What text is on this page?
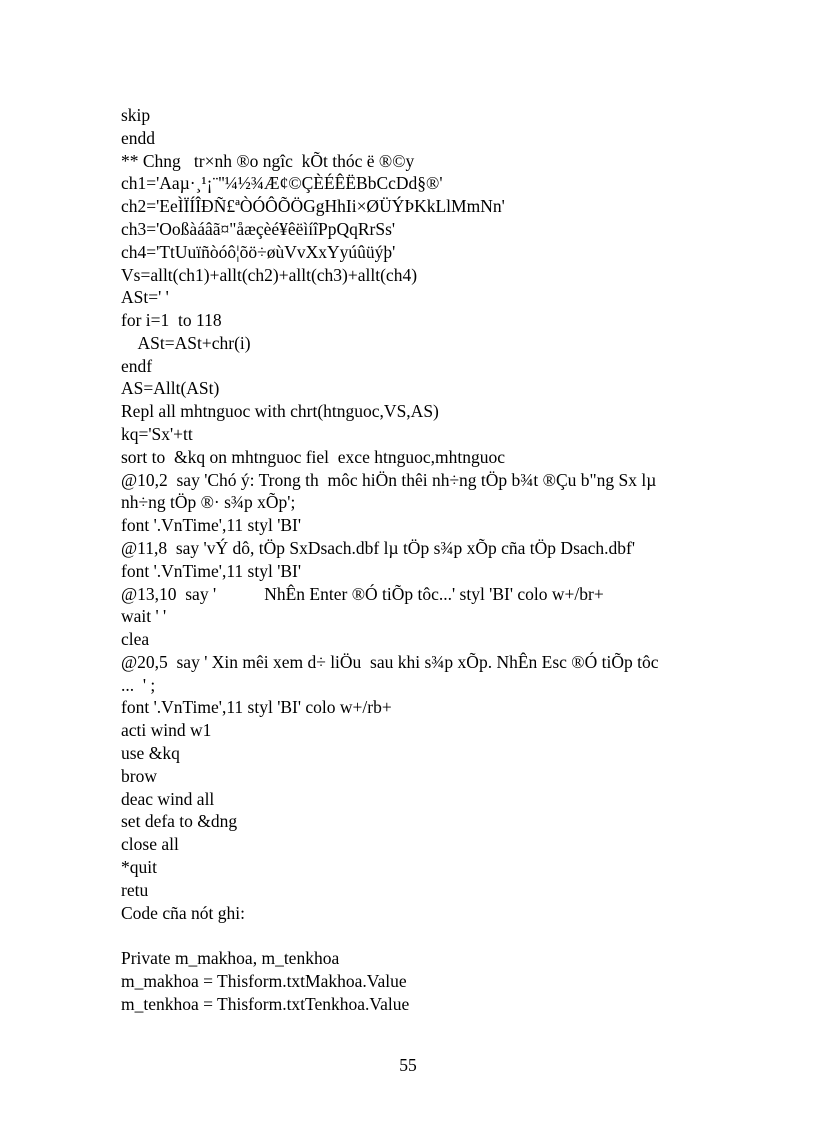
skip
endd
** Chng   tr×nh ®o ngîc  kÕt thóc ë ®©y
ch1='Aaµ·¸¹¡¨''¼½¾Æ¢©ÇÈÉÊËBbCcDd§®'
ch2='EeÌÏÍÎÐÑ£ªÒÓÔÕÖGgHhIi×ØÜÝÞKkLlMmNn'
ch3='Ooßàáâã¤"åæçèé¥êëìíîPpQqRrSs'
ch4='TtUuïñòóô¦õö÷øùVvXxYyúûüýþ'
Vs=allt(ch1)+allt(ch2)+allt(ch3)+allt(ch4)
ASt=' '
for i=1  to 118
ASt=ASt+chr(i)
endf
AS=Allt(ASt)
Repl all mhtnguoc with chrt(htnguoc,VS,AS)
kq='Sx'+tt
sort to  &kq on mhtnguoc fiel  exce htnguoc,mhtnguoc
@10,2  say 'Chó ý: Trong th  môc hiÖn thêi nh÷ng tÖp b¾t ®Çu b"ng Sx lµ
nh÷ng tÖp ®· s¾p xÕp';
font '.VnTime',11 styl 'BI'
@11,8  say 'vÝ dô, tÖp SxDsach.dbf lµ tÖp s¾p xÕp cña tÖp Dsach.dbf'
font '.VnTime',11 styl 'BI'
@13,10  say '           NhÊn Enter ®Ó tiÕp tôc...' styl 'BI' colo w+/br+
wait ' '
clea
@20,5  say ' Xin mêi xem d÷ liÖu  sau khi s¾p xÕp. NhÊn Esc ®Ó tiÕp tôc
...  ' ;
font '.VnTime',11 styl 'BI' colo w+/rb+
acti wind w1
use &kq
brow
deac wind all
set defa to &dng
close all
*quit
retu
Code cña nót ghi:
Private m_makhoa, m_tenkhoa
m_makhoa = Thisform.txtMakhoa.Value
m_tenkhoa = Thisform.txtTenkhoa.Value
55
